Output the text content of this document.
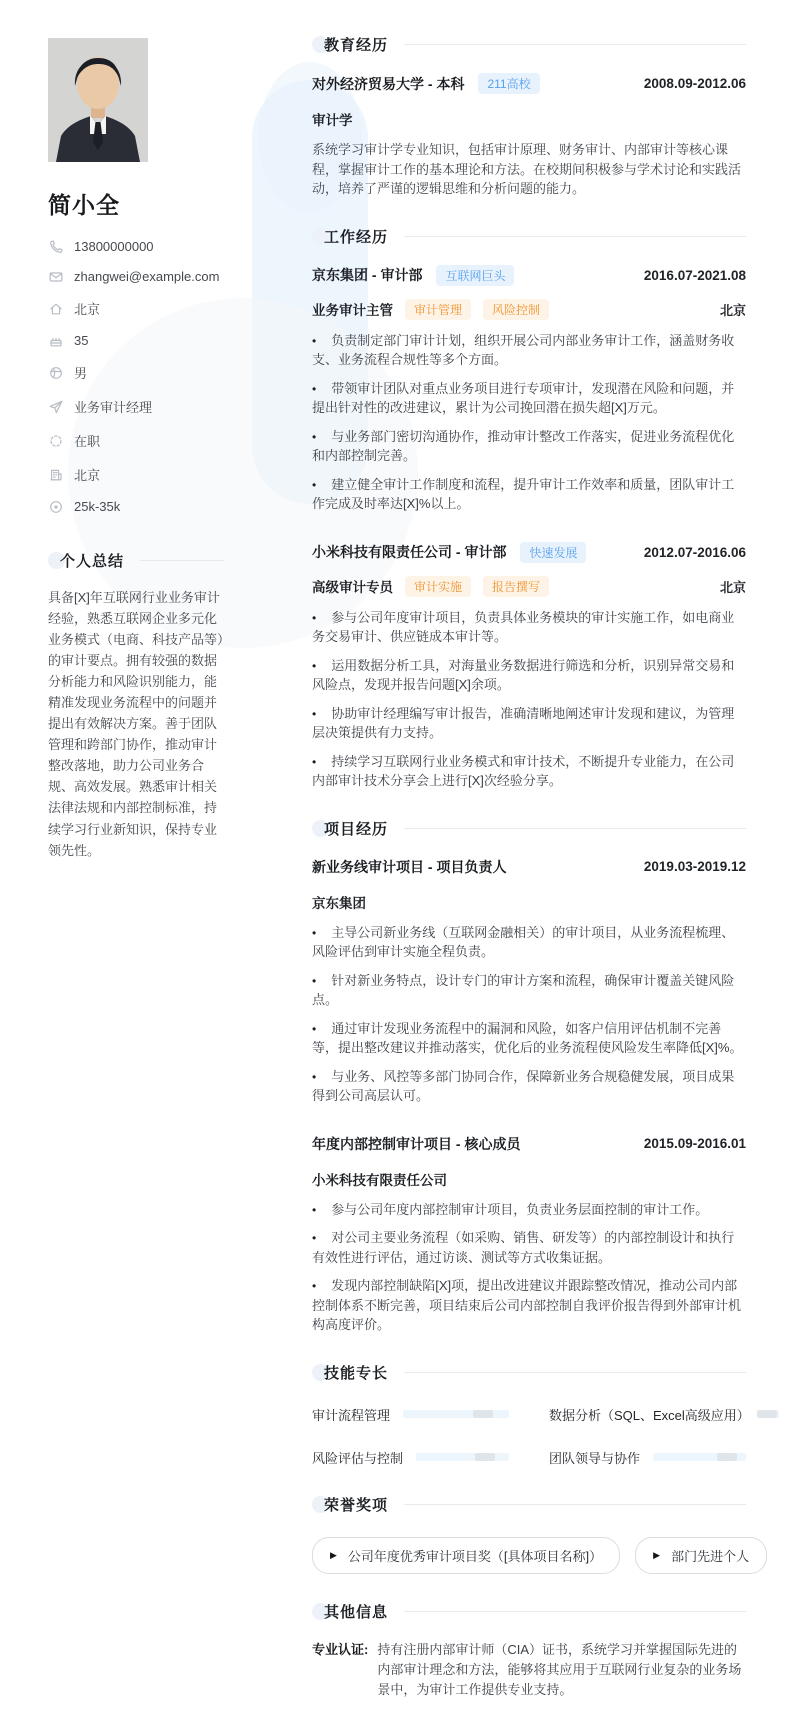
简小全
13800000000
zhangwei@example.com
北京
35
男
业务审计经理
在职
北京
25k-35k
个人总结

具备[X]年互联网行业业务审计经验，熟悉互联网企业多元化业务模式（电商、科技产品等）的审计要点。拥有较强的数据分析能力和风险识别能力，能精准发现业务流程中的问题并提出有效解决方案。善于团队管理和跨部门协作，推动审计整改落地，助力公司业务合规、高效发展。熟悉审计相关法律法规和内部控制标准，持续学习行业新知识，保持专业领先性。

教育经历
对外经济贸易大学 - 本科	211高校	2008.09-2012.06
审计学

系统学习审计学专业知识，包括审计原理、财务审计、内部审计等核心课程，掌握审计工作的基本理论和方法。在校期间积极参与学术讨论和实践活动，培养了严谨的逻辑思维和分析问题的能力。

工作经历
京东集团 - 审计部	互联网巨头	2016.07-2021.08
业务审计主管	审计管理	风险控制	北京

• 负责制定部门审计计划，组织开展公司内部业务审计工作，涵盖财务收支、业务流程合规性等多个方面。

• 带领审计团队对重点业务项目进行专项审计，发现潜在风险和问题，并提出针对性的改进建议，累计为公司挽回潜在损失超[X]万元。

• 与业务部门密切沟通协作，推动审计整改工作落实，促进业务流程优化和内部控制完善。

• 建立健全审计工作制度和流程，提升审计工作效率和质量，团队审计工作完成及时率达[X]%以上。

小米科技有限责任公司 - 审计部	快速发展	2012.07-2016.06
高级审计专员	审计实施	报告撰写	北京

• 参与公司年度审计项目，负责具体业务模块的审计实施工作，如电商业务交易审计、供应链成本审计等。

• 运用数据分析工具，对海量业务数据进行筛选和分析，识别异常交易和风险点，发现并报告问题[X]余项。

• 协助审计经理编写审计报告，准确清晰地阐述审计发现和建议，为管理层决策提供有力支持。

• 持续学习互联网行业业务模式和审计技术，不断提升专业能力，在公司内部审计技术分享会上进行[X]次经验分享。

项目经历
新业务线审计项目 - 项目负责人	2019.03-2019.12
京东集团

• 主导公司新业务线（互联网金融相关）的审计项目，从业务流程梳理、风险评估到审计实施全程负责。

• 针对新业务特点，设计专门的审计方案和流程，确保审计覆盖关键风险点。

• 通过审计发现业务流程中的漏洞和风险，如客户信用评估机制不完善等，提出整改建议并推动落实，优化后的业务流程使风险发生率降低[X]%。

• 与业务、风控等多部门协同合作，保障新业务合规稳健发展，项目成果得到公司高层认可。

年度内部控制审计项目 - 核心成员	2015.09-2016.01
小米科技有限责任公司

• 参与公司年度内部控制审计项目，负责业务层面控制的审计工作。

• 对公司主要业务流程（如采购、销售、研发等）的内部控制设计和执行有效性进行评估，通过访谈、测试等方式收集证据。

• 发现内部控制缺陷[X]项，提出改进建议并跟踪整改情况，推动公司内部控制体系不断完善，项目结束后公司内部控制自我评价报告得到外部审计机构高度评价。

技能专长
审计流程管理	数据分析（SQL、Excel高级应用）
风险评估与控制	团队领导与协作
荣誉奖项
▶ 公司年度优秀审计项目奖（[具体项目名称]）	▶ 部门先进个人
其他信息
专业认证: 持有注册内部审计师（CIA）证书，系统学习并掌握国际先进的内部审计理念和方法，能够将其应用于互联网行业复杂的业务场景中，为审计工作提供专业支持。
